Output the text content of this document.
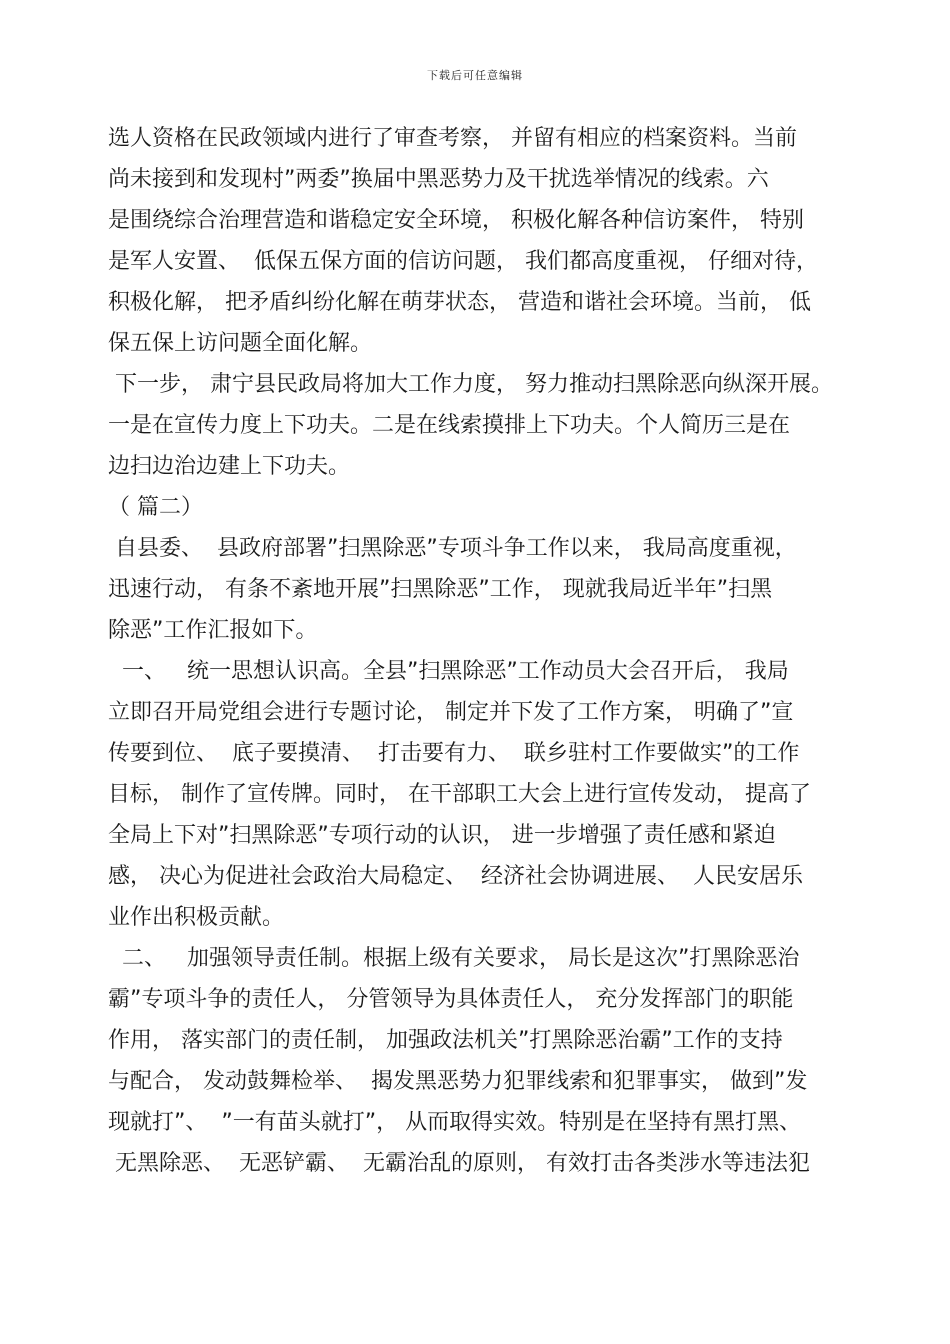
下载后可任意编辑
选人资格在民政领域内进行了审查考察， 并留有相应的档案资料。当前
尚未接到和发现村”两委”换届中黑恶势力及干扰选举情况的线索。六
是围绕综合治理营造和谐稳定安全环境， 积极化解各种信访案件， 特别
是军人安置、  低保五保方面的信访问题， 我们都高度重视， 仔细对待，
积极化解， 把矛盾纠纷化解在萌芽状态， 营造和谐社会环境。当前， 低
保五保上访问题全面化解。
下一步， 肃宁县民政局将加大工作力度， 努力推动扫黑除恶向纵深开展。
一是在宣传力度上下功夫。二是在线索摸排上下功夫。个人简历三是在
边扫边治边建上下功夫。
（ 篇二）
自县委、  县政府部署”扫黑除恶”专项斗争工作以来， 我局高度重视，
迅速行动， 有条不紊地开展”扫黑除恶”工作， 现就我局近半年”扫黑
除恶”工作汇报如下。
一、   统一思想认识高。全县”扫黑除恶”工作动员大会召开后， 我局
立即召开局党组会进行专题讨论， 制定并下发了工作方案， 明确了”宣
传要到位、  底子要摸清、  打击要有力、  联乡驻村工作要做实”的工作
目标， 制作了宣传牌。同时， 在干部职工大会上进行宣传发动， 提高了
全局上下对”扫黑除恶”专项行动的认识， 进一步增强了责任感和紧迫
感， 决心为促进社会政治大局稳定、  经济社会协调进展、  人民安居乐
业作出积极贡献。
二、   加强领导责任制。根据上级有关要求， 局长是这次”打黑除恶治
霸”专项斗争的责任人， 分管领导为具体责任人， 充分发挥部门的职能
作用， 落实部门的责任制， 加强政法机关”打黑除恶治霸”工作的支持
与配合， 发动鼓舞检举、  揭发黑恶势力犯罪线索和犯罪事实， 做到”发
现就打”、  ”一有苗头就打”， 从而取得实效。特别是在坚持有黑打黑、
无黑除恶、  无恶铲霸、  无霸治乱的原则， 有效打击各类涉水等违法犯
